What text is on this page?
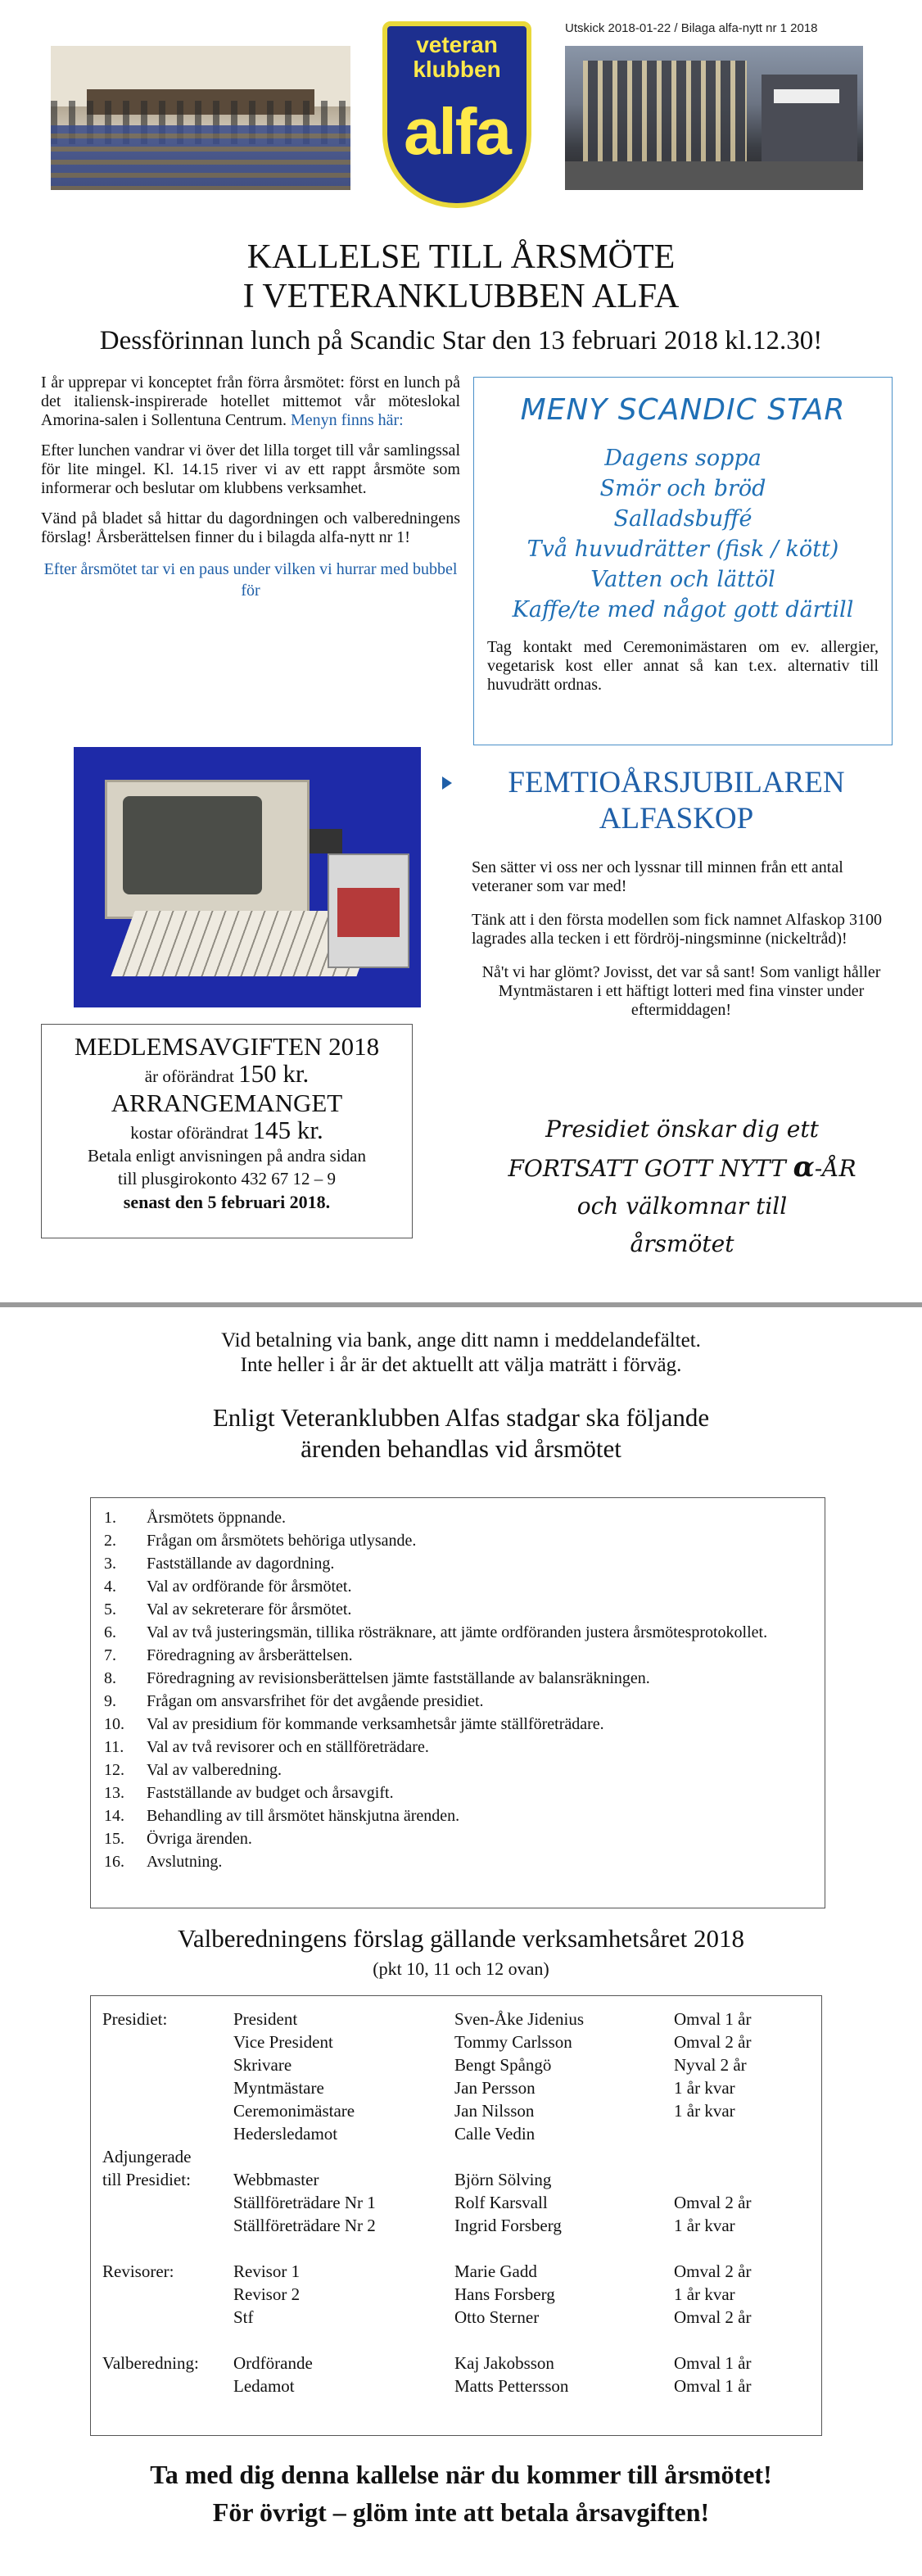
veteran
klubben
alfa
Utskick 2018-01-22 / Bilaga alfa-nytt nr 1 2018
KALLELSE TILL ÅRSMÖTE
I VETERANKLUBBEN ALFA
Dessförinnan lunch på Scandic Star den 13 februari 2018 kl.12.30!

I år upprepar vi konceptet från förra årsmötet: först en lunch på det italiensk-inspirerade hotellet mittemot vår möteslokal Amorina-salen i Sollentuna Centrum. Menyn finns här:

Efter lunchen vandrar vi över det lilla torget till vår samlingssal för lite mingel. Kl. 14.15 river vi av ett rappt årsmöte som informerar och beslutar om klubbens verksamhet.

Vänd på bladet så hittar du dagordningen och valberedningens förslag! Årsberättelsen finner du i bilagda alfa-nytt nr 1!

Efter årsmötet tar vi en paus under vilken vi hurrar med bubbel för
MENY SCANDIC STAR
Dagens soppa
Smör och bröd
Salladsbuffé
Två huvudrätter (fisk / kött)
Vatten och lättöl
Kaffe/te med något gott därtill
Tag kontakt med Ceremonimästaren om ev. allergier, vegetarisk kost eller annat så kan t.ex. alternativ till huvudrätt ordnas.
FEMTIOÅRSJUBILAREN
ALFASKOP

Sen sätter vi oss ner och lyssnar till minnen från ett antal veteraner som var med!

Tänk att i den första modellen som fick namnet Alfaskop 3100 lagrades alla tecken i ett fördröj-ningsminne (nickeltråd)!

Nå't vi har glömt? Jovisst, det var så sant! Som vanligt håller Myntmästaren i ett häftigt lotteri med fina vinster under eftermiddagen!

Presidiet önskar dig ett
FORTSATT GOTT NYTT α-ÅR
och välkomnar till
årsmötet
MEDLEMSAVGIFTEN 2018
är oförändrat 150 kr.
ARRANGEMANGET
kostar oförändrat 145 kr.
Betala enligt anvisningen på andra sidan
till plusgirokonto 432 67 12 – 9
senast den 5 februari 2018.
Vid betalning via bank, ange ditt namn i meddelandefältet.
Inte heller i år är det aktuellt att välja maträtt i förväg.
Enligt Veteranklubben Alfas stadgar ska följande
ärenden behandlas vid årsmötet
1.	Årsmötets öppnande.
2.	Frågan om årsmötets behöriga utlysande.
3.	Fastställande av dagordning.
4.	Val av ordförande för årsmötet.
5.	Val av sekreterare för årsmötet.
6.	Val av två justeringsmän, tillika rösträknare, att jämte ordföranden justera årsmötesprotokollet.
7.	Föredragning av årsberättelsen.
8.	Föredragning av revisionsberättelsen jämte fastställande av balansräkningen.
9.	Frågan om ansvarsfrihet för det avgående presidiet.
10.	Val av presidium för kommande verksamhetsår jämte ställföreträdare.
11.	Val av två revisorer och en ställföreträdare.
12.	Val av valberedning.
13.	Fastställande av budget och årsavgift.
14.	Behandling av till årsmötet hänskjutna ärenden.
15.	Övriga ärenden.
16.	Avslutning.
Valberedningens förslag gällande verksamhetsåret 2018
(pkt 10, 11 och 12 ovan)
Presidiet:	President	Sven-Åke Jidenius	Omval 1 år
Vice President	Tommy Carlsson	Omval 2 år
Skrivare	Bengt Spångö	Nyval 2 år
Myntmästare	Jan Persson	1 år kvar
Ceremonimästare	Jan Nilsson	1 år kvar
Hedersledamot	Calle Vedin
Adjungerade
till Presidiet:	Webbmaster	Björn Sölving
Ställföreträdare Nr 1	Rolf Karsvall	Omval 2 år
Ställföreträdare Nr 2	Ingrid Forsberg	1 år kvar
Revisorer:	Revisor 1	Marie Gadd	Omval 2 år
Revisor 2	Hans Forsberg	1 år kvar
Stf	Otto Sterner	Omval 2 år
Valberedning:	Ordförande	Kaj Jakobsson	Omval 1 år
Ledamot	Matts Pettersson	Omval 1 år
Ta med dig denna kallelse när du kommer till årsmötet!
För övrigt – glöm inte att betala årsavgiften!
